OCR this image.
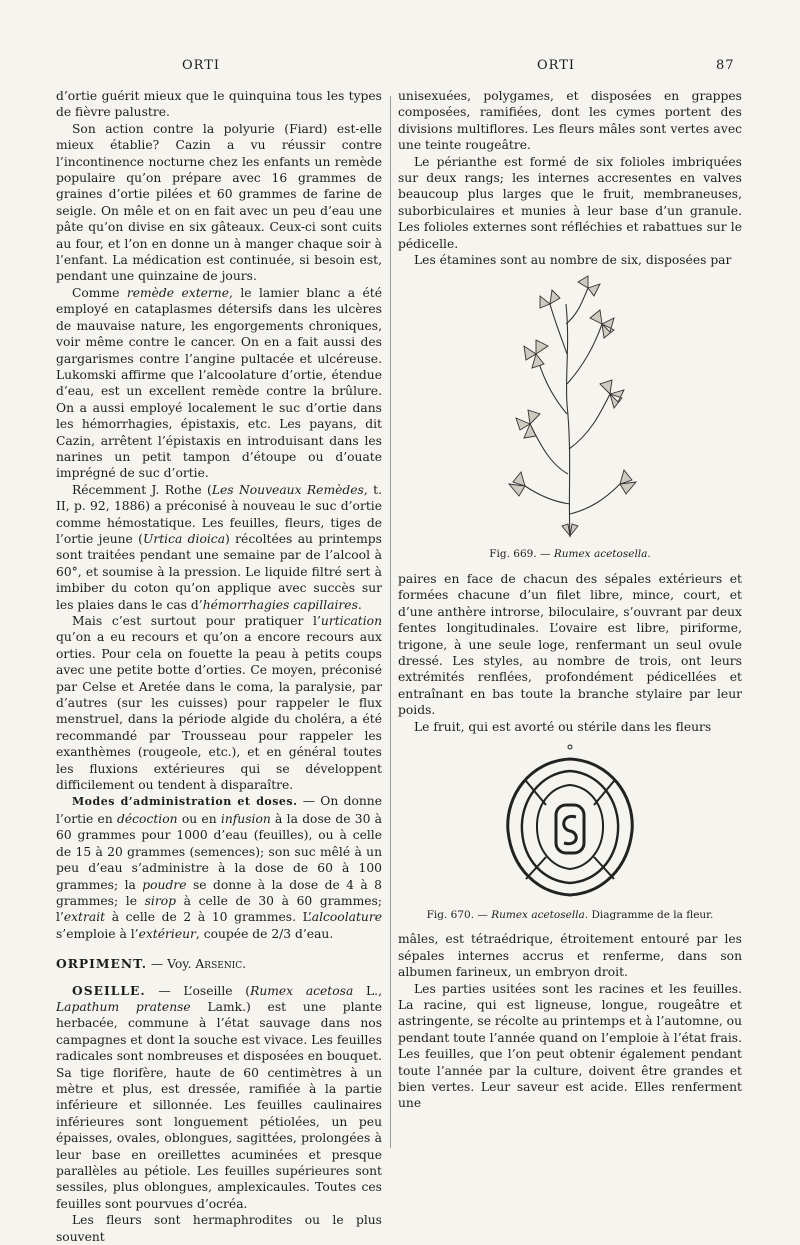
ORTI	ORTI	87

d’ortie guérit mieux que le quinquina tous les types de fièvre palustre.

Son action contre la polyurie (Fiard) est-elle mieux établie? Cazin a vu réussir contre l’incontinence nocturne chez les enfants un remède populaire qu’on prépare avec 16 grammes de graines d’ortie pilées et 60 grammes de farine de seigle. On mêle et on en fait avec un peu d’eau une pâte qu’on divise en six gâteaux. Ceux-ci sont cuits au four, et l’on en donne un à manger chaque soir à l’enfant. La médication est continuée, si besoin est, pendant une quinzaine de jours.

Comme remède externe, le lamier blanc a été employé en cataplasmes détersifs dans les ulcères de mauvaise nature, les engorgements chroniques, voir même contre le cancer. On en a fait aussi des gargarismes contre l’angine pultacée et ulcéreuse. Lukomski affirme que l’alcoolature d’ortie, étendue d’eau, est un excellent remède contre la brûlure. On a aussi employé localement le suc d’ortie dans les hémorrhagies, épistaxis, etc. Les payans, dit Cazin, arrêtent l’épistaxis en introduisant dans les narines un petit tampon d’étoupe ou d’ouate imprégné de suc d’ortie.

Récemment J. Rothe (Les Nouveaux Remèdes, t. II, p. 92, 1886) a préconisé à nouveau le suc d’ortie comme hémostatique. Les feuilles, fleurs, tiges de l’ortie jeune (Urtica dioica) récoltées au printemps sont traitées pendant une semaine par de l’alcool à 60°, et soumise à la pression. Le liquide filtré sert à imbiber du coton qu’on applique avec succès sur les plaies dans le cas d’hémorrhagies capillaires.

Mais c’est surtout pour pratiquer l’urtication qu’on a eu recours et qu’on a encore recours aux orties. Pour cela on fouette la peau à petits coups avec une petite botte d’orties. Ce moyen, préconisé par Celse et Aretée dans le coma, la paralysie, par d’autres (sur les cuisses) pour rappeler le flux menstruel, dans la période algide du choléra, a été recommandé par Trousseau pour rappeler les exanthèmes (rougeole, etc.), et en général toutes les fluxions extérieures qui se développent difficilement ou tendent à disparaître.

Modes d’administration et doses. — On donne l’ortie en décoction ou en infusion à la dose de 30 à 60 grammes pour 1000 d’eau (feuilles), ou à celle de 15 à 20 grammes (semences); son suc mêlé à un peu d’eau s’administre à la dose de 60 à 100 grammes; la poudre se donne à la dose de 4 à 8 grammes; le sirop à celle de 30 à 60 grammes; l’extrait à celle de 2 à 10 grammes. L’alcoolature s’emploie à l’extérieur, coupée de 2/3 d’eau.

ORPIMENT. — Voy. Arsenic.

OSEILLE. — L’oseille (Rumex acetosa L., Lapathum pratense Lamk.) est une plante herbacée, commune à l’état sauvage dans nos campagnes et dont la souche est vivace. Les feuilles radicales sont nombreuses et disposées en bouquet. Sa tige florifère, haute de 60 centimètres à un mètre et plus, est dressée, ramifiée à la partie inférieure et sillonnée. Les feuilles caulinaires inférieures sont longuement pétiolées, un peu épaisses, ovales, oblongues, sagittées, prolongées à leur base en oreillettes acuminées et presque parallèles au pétiole. Les feuilles supérieures sont sessiles, plus oblongues, amplexicaules. Toutes ces feuilles sont pourvues d’ocréa.

Les fleurs sont hermaphrodites ou le plus souvent

unisexuées, polygames, et disposées en grappes composées, ramifiées, dont les cymes portent des divisions multiflores. Les fleurs mâles sont vertes avec une teinte rougeâtre.

Le périanthe est formé de six folioles imbriquées sur deux rangs; les internes accresentes en valves beaucoup plus larges que le fruit, membraneuses, suborbiculaires et munies à leur base d’un granule. Les folioles externes sont réfléchies et rabattues sur le pédicelle.

Les étamines sont au nombre de six, disposées par

Fig. 669. — Rumex acetosella.

paires en face de chacun des sépales extérieurs et formées chacune d’un filet libre, mince, court, et d’une anthère introrse, biloculaire, s’ouvrant par deux fentes longitudinales. L’ovaire est libre, piriforme, trigone, à une seule loge, renfermant un seul ovule dressé. Les styles, au nombre de trois, ont leurs extrémités renflées, profondément pédicellées et entraînant en bas toute la branche stylaire par leur poids.

Le fruit, qui est avorté ou stérile dans les fleurs

Fig. 670. — Rumex acetosella. Diagramme de la fleur.

mâles, est tétraédrique, étroitement entouré par les sépales internes accrus et renferme, dans son albumen farineux, un embryon droit.

Les parties usitées sont les racines et les feuilles. La racine, qui est ligneuse, longue, rougeâtre et astringente, se récolte au printemps et à l’automne, ou pendant toute l’année quand on l’emploie à l’état frais. Les feuilles, que l’on peut obtenir également pendant toute l’année par la culture, doivent être grandes et bien vertes. Leur saveur est acide. Elles renferment une
